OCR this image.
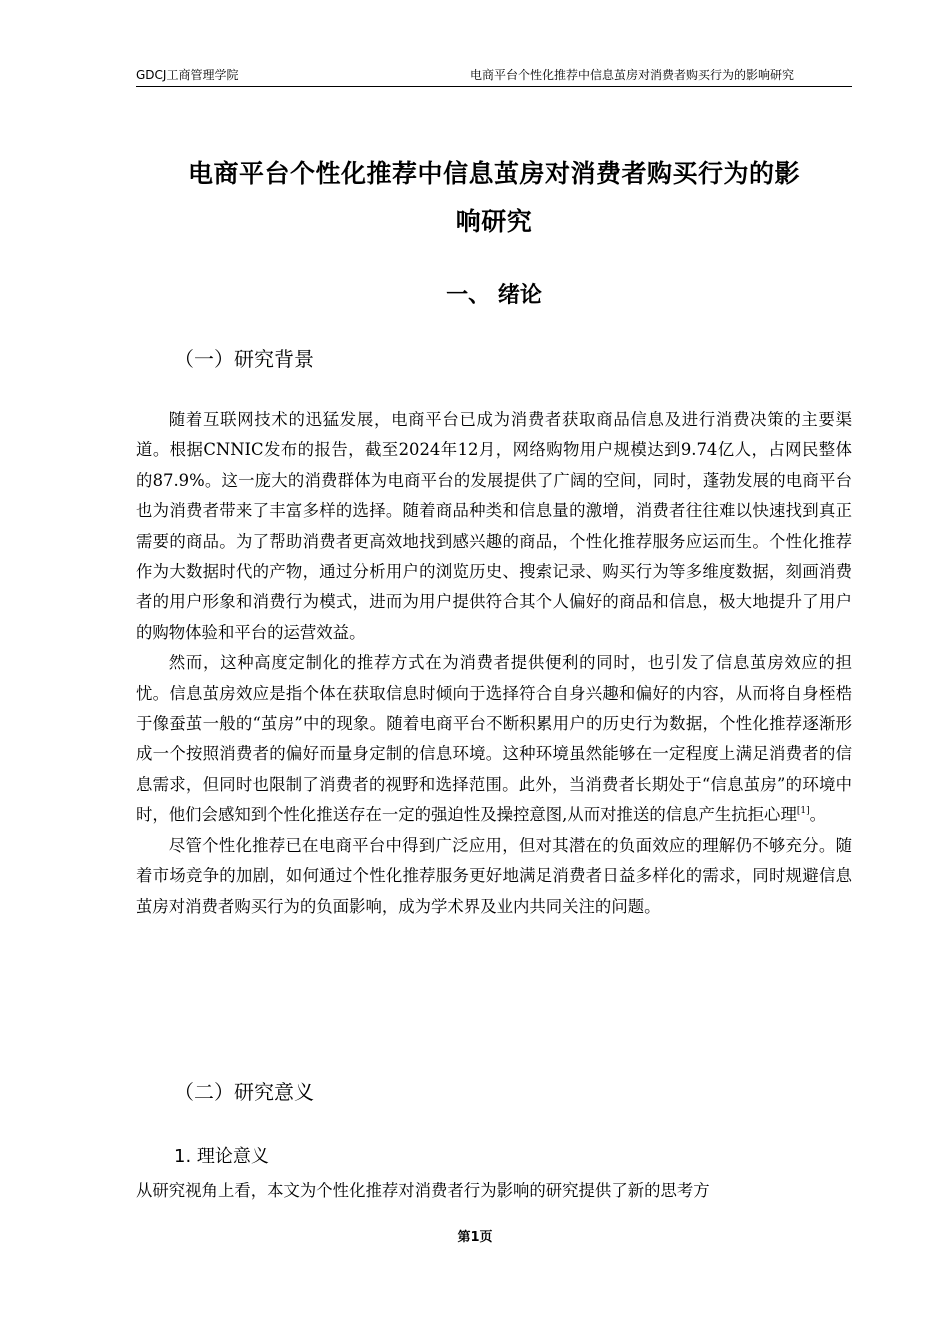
GDCJ工商管理学院	电商平台个性化推荐中信息茧房对消费者购买行为的影响研究
电商平台个性化推荐中信息茧房对消费者购买行为的影
响研究
一、 绪论
（一）研究背景

随着互联网技术的迅猛发展，电商平台已成为消费者获取商品信息及进行消费决策的主要渠道。根据CNNIC发布的报告，截至2024年12月，网络购物用户规模达到9.74亿人，占网民整体的87.9%。这一庞大的消费群体为电商平台的发展提供了广阔的空间，同时，蓬勃发展的电商平台也为消费者带来了丰富多样的选择。随着商品种类和信息量的激增，消费者往往难以快速找到真正需要的商品。为了帮助消费者更高效地找到感兴趣的商品，个性化推荐服务应运而生。个性化推荐作为大数据时代的产物，通过分析用户的浏览历史、搜索记录、购买行为等多维度数据，刻画消费者的用户形象和消费行为模式，进而为用户提供符合其个人偏好的商品和信息，极大地提升了用户的购物体验和平台的运营效益。

然而，这种高度定制化的推荐方式在为消费者提供便利的同时，也引发了信息茧房效应的担忧。信息茧房效应是指个体在获取信息时倾向于选择符合自身兴趣和偏好的内容，从而将自身桎梏于像蚕茧一般的“茧房”中的现象。随着电商平台不断积累用户的历史行为数据，个性化推荐逐渐形成一个按照消费者的偏好而量身定制的信息环境。这种环境虽然能够在一定程度上满足消费者的信息需求，但同时也限制了消费者的视野和选择范围。此外，当消费者长期处于“信息茧房”的环境中时，他们会感知到个性化推送存在一定的强迫性及操控意图,从而对推送的信息产生抗拒心理[1]。

尽管个性化推荐已在电商平台中得到广泛应用，但对其潜在的负面效应的理解仍不够充分。随着市场竞争的加剧，如何通过个性化推荐服务更好地满足消费者日益多样化的需求，同时规避信息茧房对消费者购买行为的负面影响，成为学术界及业内共同关注的问题。

（二）研究意义
1. 理论意义
从研究视角上看，本文为个性化推荐对消费者行为影响的研究提供了新的思考方
第1页
